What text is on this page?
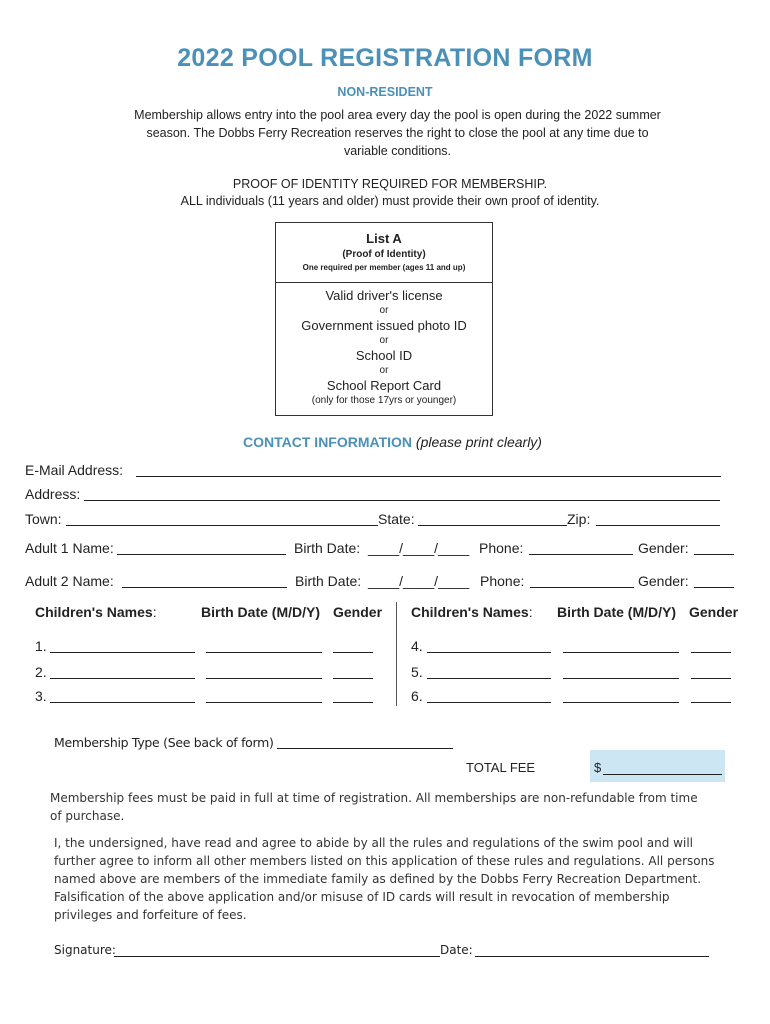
2022 POOL REGISTRATION FORM
NON-RESIDENT
Membership allows entry into the pool area every day the pool is open during the 2022 summer season. The Dobbs Ferry Recreation reserves the right to close the pool at any time due to variable conditions.
PROOF OF IDENTITY REQUIRED FOR MEMBERSHIP.
ALL individuals (11 years and older) must provide their own proof of identity.
List A
(Proof of Identity)
One required per member (ages 11 and up)
Valid driver's license
or
Government issued photo ID
or
School ID
or
School Report Card
(only for those 17yrs or younger)
CONTACT INFORMATION (please print clearly)
E-Mail Address:
Address:
Town:	State:	Zip:
Adult 1 Name:	Birth Date: ____/____/____ Phone:	Gender:
Adult 2 Name:	Birth Date: ____/____/____ Phone:	Gender:
Children's Names:	Birth Date (M/D/Y) Gender Children's Names: Birth Date (M/D/Y) Gender
1.
2.
3.
4.
5.
6.
Membership Type (See back of form)
TOTAL FEE	$
Membership fees must be paid in full at time of registration. All memberships are non-refundable from time of purchase.
I, the undersigned, have read and agree to abide by all the rules and regulations of the swim pool and will further agree to inform all other members listed on this application of these rules and regulations. All persons named above are members of the immediate family as defined by the Dobbs Ferry Recreation Department. Falsification of the above application and/or misuse of ID cards will result in revocation of membership privileges and forfeiture of fees.
Signature:	Date:
